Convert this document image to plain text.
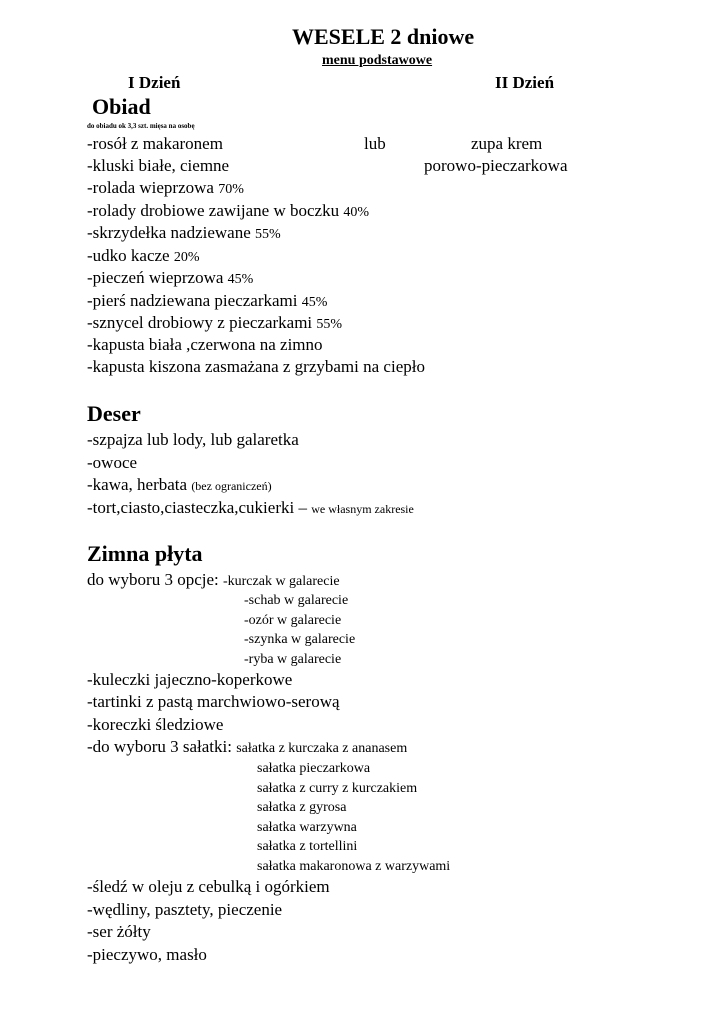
WESELE 2 dniowe
menu podstawowe
I Dzień	II Dzień
Obiad
do obiadu ok 3,3 szt. mięsa na osobę
-rosół z makaronem	lub	zupa krem
-kluski białe, ciemne	porowo-pieczarkowa
-rolada wieprzowa 70%
-rolady drobiowe zawijane w boczku 40%
-skrzydełka nadziewane 55%
-udko kacze 20%
-pieczeń wieprzowa 45%
-pierś nadziewana pieczarkami 45%
-sznycel drobiowy z pieczarkami 55%
-kapusta biała ,czerwona na zimno
-kapusta kiszona zasmażana z grzybami na ciepło
Deser
-szpajza lub lody, lub galaretka
-owoce
-kawa, herbata (bez ograniczeń)
-tort,ciasto,ciasteczka,cukierki – we własnym zakresie
Zimna płyta
do wyboru 3 opcje: -kurczak w galarecie
-schab w galarecie
-ozór w galarecie
-szynka w galarecie
-ryba w galarecie
-kuleczki jajeczno-koperkowe
-tartinki z pastą marchwiowo-serową
-koreczki śledziowe
-do wyboru 3 sałatki: sałatka z kurczaka z ananasem
sałatka pieczarkowa
sałatka z curry z kurczakiem
sałatka z gyrosa
sałatka warzywna
sałatka z tortellini
sałatka makaronowa z warzywami
-śledź w oleju z cebulką i ogórkiem
-wędliny, pasztety, pieczenie
-ser żółty
-pieczywo, masło
